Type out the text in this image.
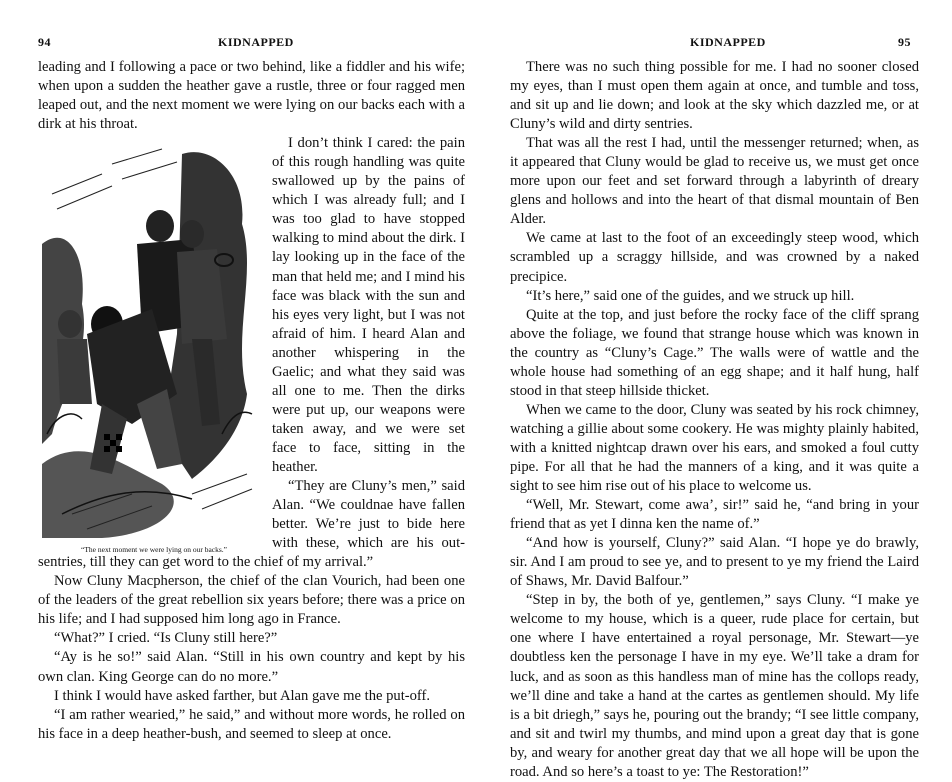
94	KIDNAPPED

leading and I following a pace or two behind, like a fiddler and his wife; when upon a sudden the heather gave a rustle, three or four ragged men leaped out, and the next moment we were lying on our backs each with a dirk at his throat.

“The next moment we were lying on our backs.”

I don’t think I cared: the pain of this rough handling was quite swallowed up by the pains of which I was already full; and I was too glad to have stopped walking to mind about the dirk. I lay looking up in the face of the man that held me; and I mind his face was black with the sun and his eyes very light, but I was not afraid of him. I heard Alan and another whispering in the Gaelic; and what they said was all one to me. Then the dirks were put up, our weapons were taken away, and we were set face to face, sitting in the heather.

“They are Cluny’s men,” said Alan. “We couldnae have fallen better. We’re just to bide here with these, which are his out-sentries, till they can get word to the chief of my arrival.”

Now Cluny Macpherson, the chief of the clan Vourich, had been one of the leaders of the great rebellion six years before; there was a price on his life; and I had supposed him long ago in France.

“What?” I cried. “Is Cluny still here?”

“Ay is he so!” said Alan. “Still in his own country and kept by his own clan. King George can do no more.”

I think I would have asked farther, but Alan gave me the put-off.

“I am rather wearied,” he said,” and without more words, he rolled on his face in a deep heather-bush, and seemed to sleep at once.

KIDNAPPED	95

There was no such thing possible for me. I had no sooner closed my eyes, than I must open them again at once, and tumble and toss, and sit up and lie down; and look at the sky which dazzled me, or at Cluny’s wild and dirty sentries.

That was all the rest I had, until the messenger returned; when, as it appeared that Cluny would be glad to receive us, we must get once more upon our feet and set forward through a labyrinth of dreary glens and hollows and into the heart of that dismal mountain of Ben Alder.

We came at last to the foot of an exceedingly steep wood, which scrambled up a scraggy hillside, and was crowned by a naked precipice.

“It’s here,” said one of the guides, and we struck up hill.

Quite at the top, and just before the rocky face of the cliff sprang above the foliage, we found that strange house which was known in the country as “Cluny’s Cage.” The walls were of wattle and the whole house had something of an egg shape; and it half hung, half stood in that steep hillside thicket.

When we came to the door, Cluny was seated by his rock chimney, watching a gillie about some cookery. He was mighty plainly habited, with a knitted nightcap drawn over his ears, and smoked a foul cutty pipe. For all that he had the manners of a king, and it was quite a sight to see him rise out of his place to welcome us.

“Well, Mr. Stewart, come awa’, sir!” said he, “and bring in your friend that as yet I dinna ken the name of.”

“And how is yourself, Cluny?” said Alan. “I hope ye do brawly, sir. And I am proud to see ye, and to present to ye my friend the Laird of Shaws, Mr. David Balfour.”

“Step in by, the both of ye, gentlemen,” says Cluny. “I make ye welcome to my house, which is a queer, rude place for certain, but one where I have entertained a royal personage, Mr. Stewart—ye doubtless ken the personage I have in my eye. We’ll take a dram for luck, and as soon as this handless man of mine has the collops ready, we’ll dine and take a hand at the cartes as gentlemen should. My life is a bit driegh,” says he, pouring out the brandy; “I see little company, and sit and twirl my thumbs, and mind upon a great day that is gone by, and weary for another great day that we all hope will be upon the road. And so here’s a toast to ye: The Restoration!”
